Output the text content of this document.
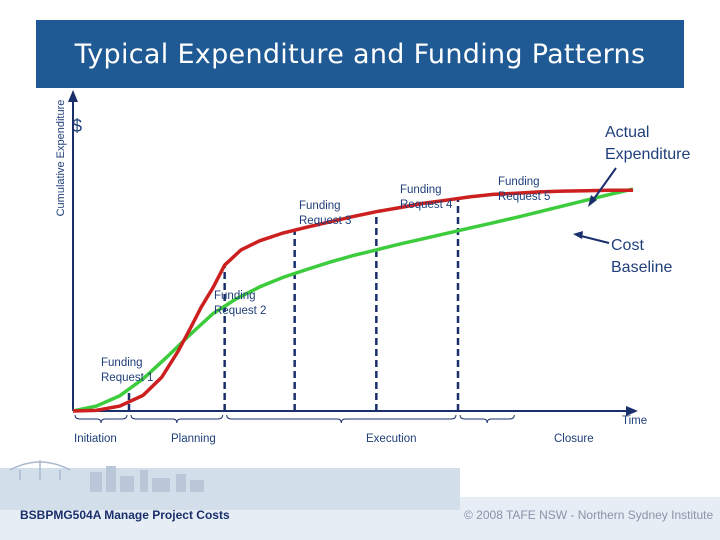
Typical Expenditure and Funding Patterns
Cumulative Expenditure $	Actual Expenditure
Cost Baseline
Funding Request 1
Funding Request 2
Funding Request 3
Funding Request 4
Funding Request 5
Initiation	Planning	Execution	Closure
Time
BSBPMG504A Manage Project Costs	© 2008 TAFE NSW - Northern Sydney Institute
